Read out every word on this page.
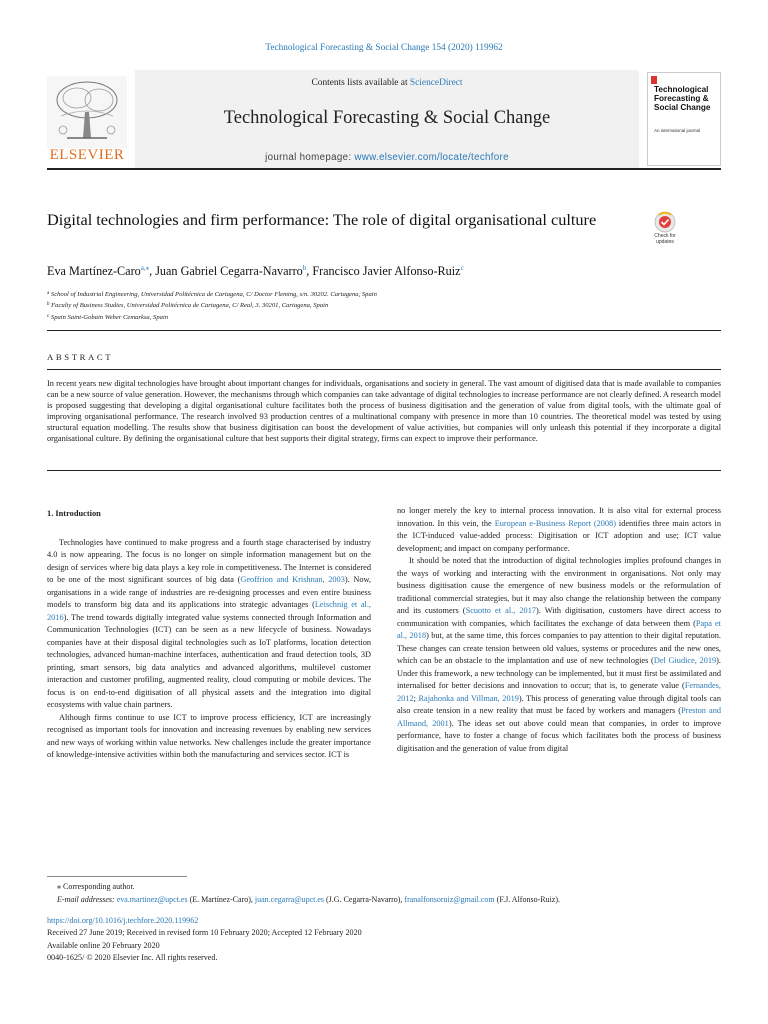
Technological Forecasting & Social Change 154 (2020) 119962
ELSEVIER
Contents lists available at ScienceDirect
Technological Forecasting & Social Change
journal homepage: www.elsevier.com/locate/techfore
Technological Forecasting & Social Change
An international journal
Digital technologies and firm performance: The role of digital organisational culture
Check for updates
Eva Martínez-Caro$^{a,⁎}$, Juan Gabriel Cegarra-Navarro$^b$, Francisco Javier Alfonso-Ruiz$^c$
$^a$ School of Industrial Engineering, Universidad Politécnica de Cartagena, C/ Doctor Fleming, s/n. 30202. Cartagena, Spain
$^b$ Faculty of Business Studies, Universidad Politécnica de Cartagena, C/ Real, 3. 30201, Cartagena, Spain
$^c$ Spain Saint-Gobain Weber Cemarksa, Spain
ABSTRACT
In recent years new digital technologies have brought about important changes for individuals, organisations and society in general. The vast amount of digitised data that is made available to companies can be a new source of value generation. However, the mechanisms through which companies can take advantage of digital technologies to increase performance are not clearly defined. A research model is proposed suggesting that developing a digital organisational culture facilitates both the process of business digitisation and the generation of value from digital tools, with the ultimate goal of improving organisational performance. The research involved 93 production centres of a multinational company with presence in more than 10 countries. The theoretical model was tested by using structural equation modelling. The results show that business digitisation can boost the development of value activities, but companies will only unleash this potential if they incorporate a digital organisational culture. By defining the organisational culture that best supports their digital strategy, firms can expect to improve their performance.
1. Introduction

Technologies have continued to make progress and a fourth stage characterised by industry 4.0 is now appearing. The focus is no longer on simple information management but on the design of services where big data plays a key role in competitiveness. The Internet is considered to be one of the most significant sources of big data (Geoffrion and Krishnan, 2003). Now, organisations in a wide range of industries are re-designing processes and even entire business models to transform big data and its applications into strategic advantages (Leischnig et al., 2016). The trend towards digitally integrated value systems connected through Information and Communication Technologies (ICT) can be seen as a new lifecycle of business. Nowadays companies have at their disposal digital technologies such as IoT platforms, location detection technologies, advanced human-machine interfaces, authentication and fraud detection tools, 3D printing, smart sensors, big data analytics and advanced algorithms, multilevel customer interaction and customer profiling, augmented reality, cloud computing or mobile devices. The focus is on end-to-end digitisation of all physical assets and the integration into digital ecosystems with value chain partners.

Although firms continue to use ICT to improve process efficiency, ICT are increasingly recognised as important tools for innovation and increasing revenues by enabling new services and new ways of working within value networks. New challenges include the greater importance of knowledge-intensive activities within both the manufacturing and services sector. ICT is

no longer merely the key to internal process innovation. It is also vital for external process innovation. In this vein, the European e-Business Report (2008) identifies three main actors in the ICT-induced value-added process: Digitisation or ICT adoption and use; ICT value development; and impact on company performance.

It should be noted that the introduction of digital technologies implies profound changes in the ways of working and interacting with the environment in organisations. Not only may business digitisation cause the emergence of new business models or the reformulation of traditional commercial strategies, but it may also change the relationship between the company and its customers (Scuotto et al., 2017). With digitisation, customers have direct access to communication with companies, which facilitates the exchange of data between them (Papa et al., 2018) but, at the same time, this forces companies to pay attention to their digital reputation. These changes can create tension between old values, systems or procedures and the new ones, which can be an obstacle to the implantation and use of new technologies (Del Giudice, 2019). Under this framework, a new technology can be implemented, but it must first be assimilated and internalised for better decisions and innovation to occur; that is, to generate value (Fernandes, 2012; Rajahonka and Villman, 2019). This process of generating value through digital tools can also create tension in a new reality that must be faced by workers and managers (Preston and Allmand, 2001). The ideas set out above could mean that companies, in order to improve performance, have to foster a change of focus which facilitates both the process of business digitisation and the generation of value from digital

⁎ Corresponding author.
E-mail addresses: eva.martinez@upct.es (E. Martínez-Caro), juan.cegarra@upct.es (J.G. Cegarra-Navarro), franalfonsoruiz@gmail.com (F.J. Alfonso-Ruiz).
https://doi.org/10.1016/j.techfore.2020.119962
Received 27 June 2019; Received in revised form 10 February 2020; Accepted 12 February 2020
Available online 20 February 2020
0040-1625/ © 2020 Elsevier Inc. All rights reserved.
